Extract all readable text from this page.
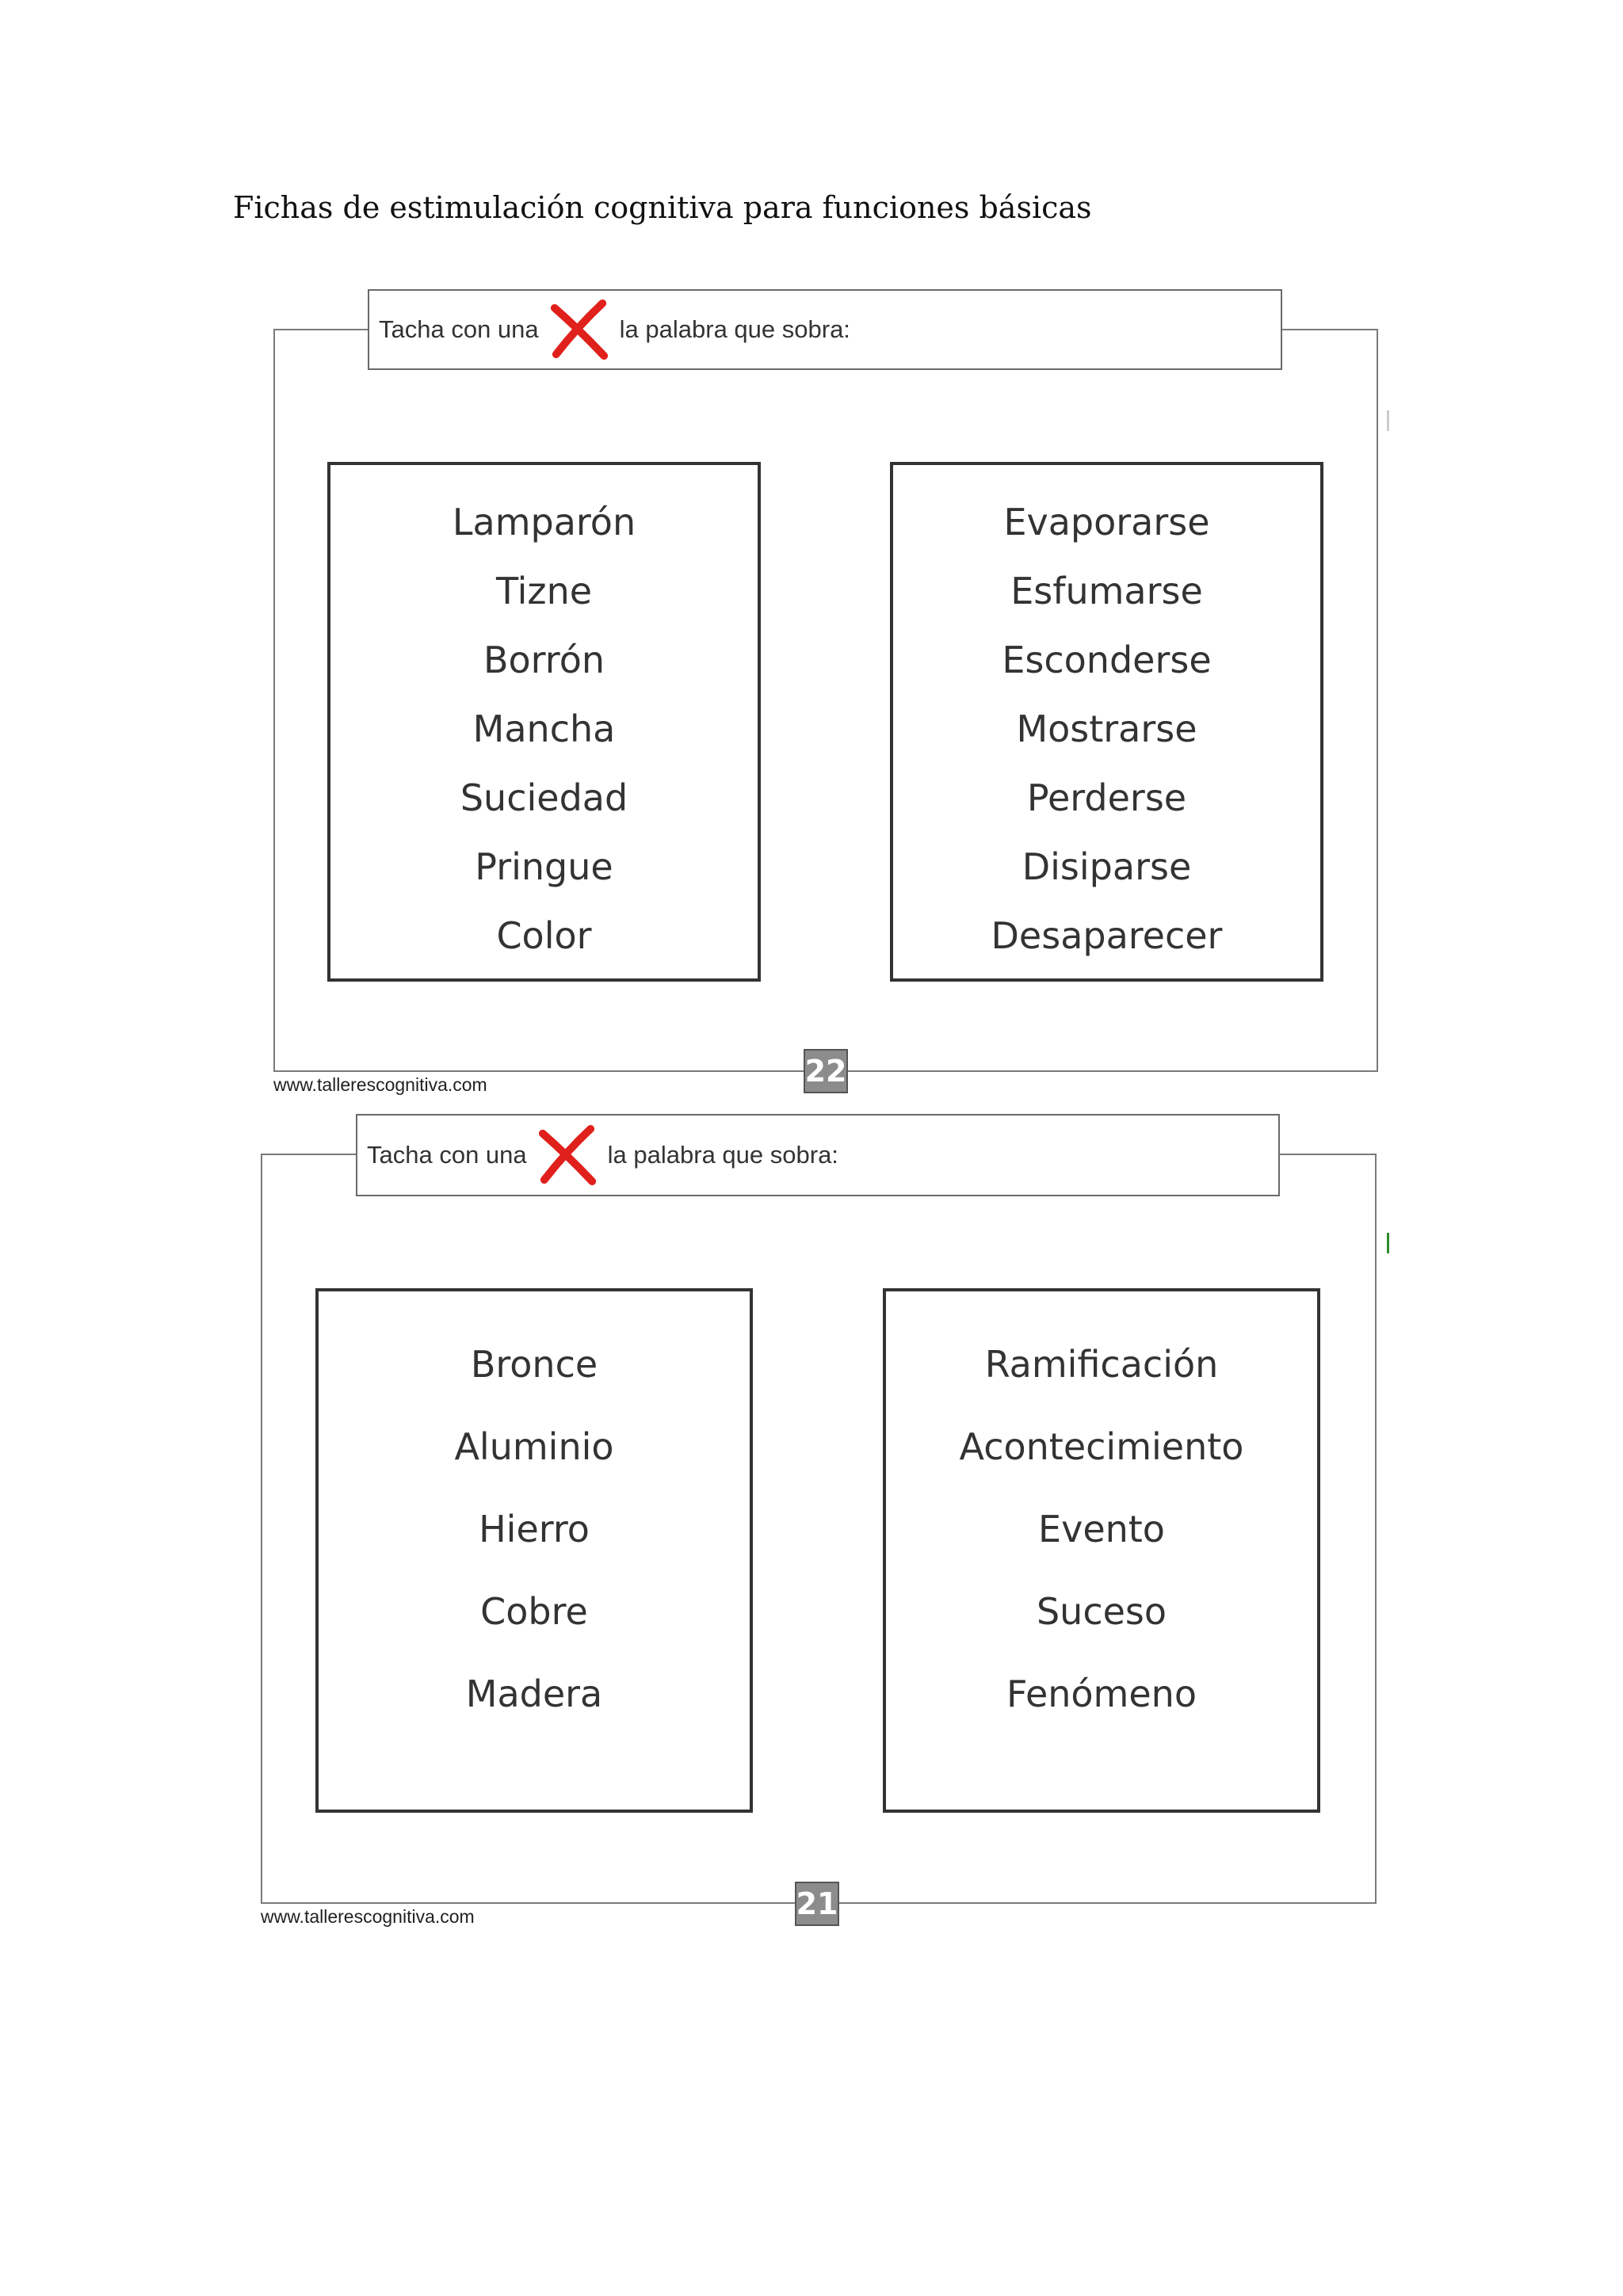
Fichas de estimulación cognitiva para funciones básicas
Tacha con una	la palabra que sobra:
Lamparón
Tizne
Borrón
Mancha
Suciedad
Pringue
Color
Evaporarse
Esfumarse
Esconderse
Mostrarse
Perderse
Disiparse
Desaparecer
22
www.tallerescognitiva.com
Tacha con una	la palabra que sobra:
Bronce
Aluminio
Hierro
Cobre
Madera
Ramificación
Acontecimiento
Evento
Suceso
Fenómeno
21
www.tallerescognitiva.com
